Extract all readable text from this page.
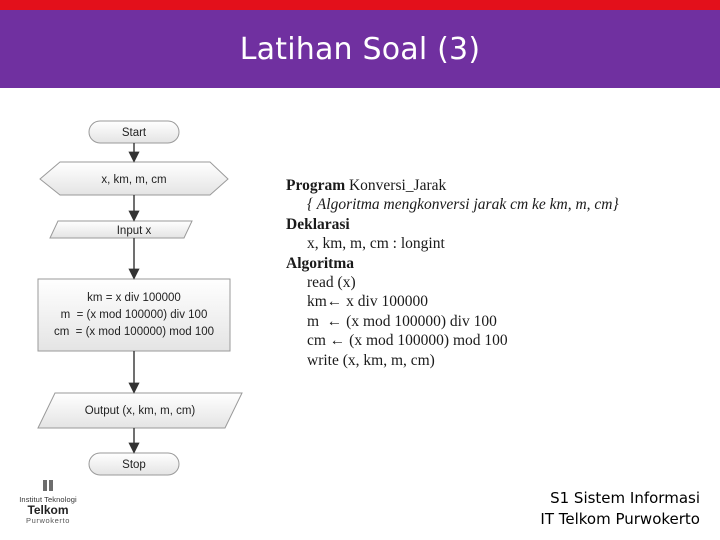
Latihan Soal (3)
Start
x, km, m, cm
Input x
km = x div 100000
m  = (x mod 100000) div 100
cm  = (x mod 100000) mod 100
Output (x, km, m, cm)
Stop
Program Konversi_Jarak
{ Algoritma mengkonversi jarak cm ke km, m, cm}
Deklarasi
x, km, m, cm : longint
Algoritma
read (x)
km← x div 100000
m  ← (x mod 100000) div 100
cm ← (x mod 100000) mod 100
write (x, km, m, cm)
Institut Teknologi
Telkom
Purwokerto
S1 Sistem Informasi
IT Telkom Purwokerto
